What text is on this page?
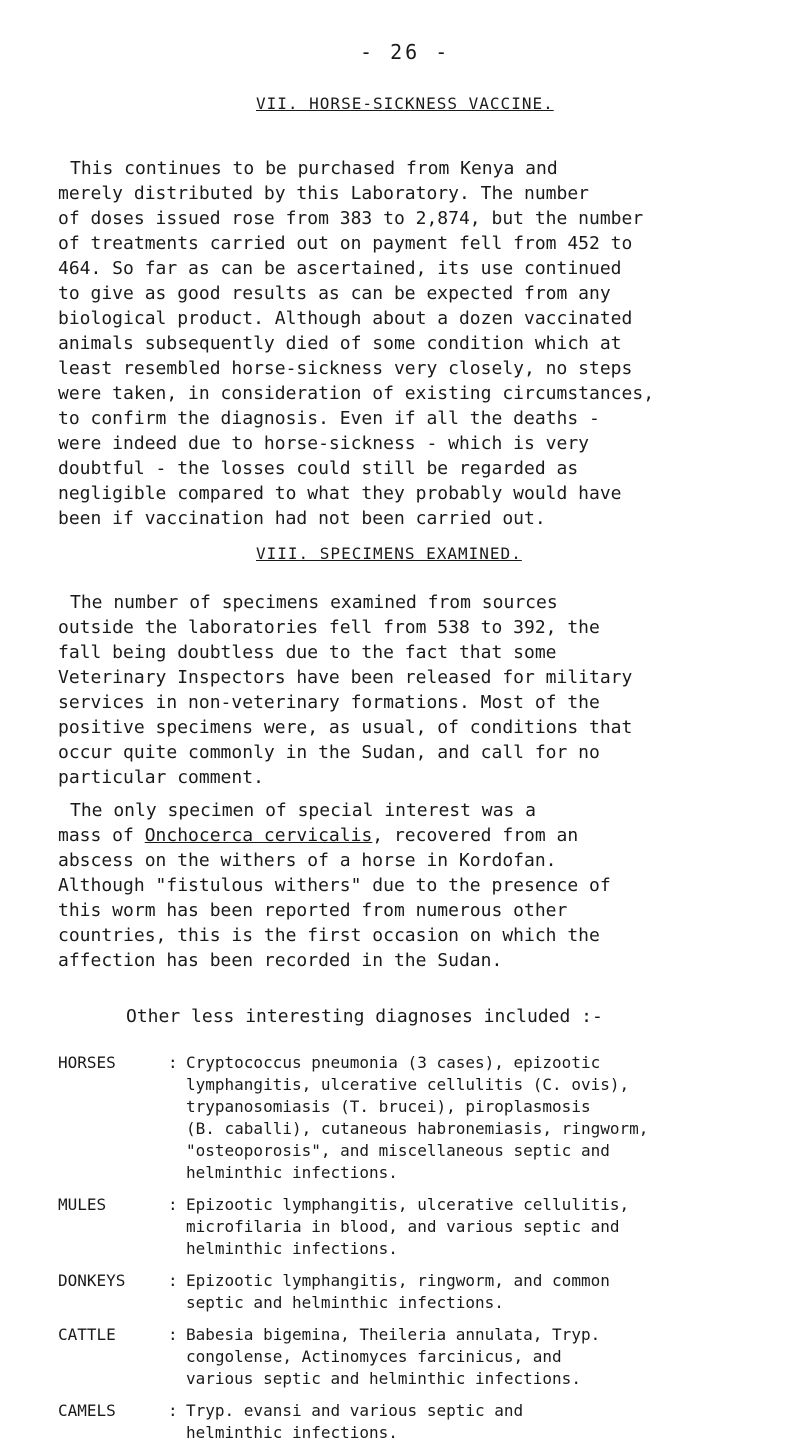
- 26 -
VII. HORSE-SICKNESS VACCINE.
This continues to be purchased from Kenya and
merely distributed by this Laboratory. The number
of doses issued rose from 383 to 2,874, but the number
of treatments carried out on payment fell from 452 to
464. So far as can be ascertained, its use continued
to give as good results as can be expected from any
biological product. Although about a dozen vaccinated
animals subsequently died of some condition which at
least resembled horse-sickness very closely, no steps
were taken, in consideration of existing circumstances,
to confirm the diagnosis. Even if all the deaths -
were indeed due to horse-sickness - which is very
doubtful - the losses could still be regarded as
negligible compared to what they probably would have
been if vaccination had not been carried out.
VIII. SPECIMENS EXAMINED.
The number of specimens examined from sources
outside the laboratories fell from 538 to 392, the
fall being doubtless due to the fact that some
Veterinary Inspectors have been released for military
services in non-veterinary formations. Most of the
positive specimens were, as usual, of conditions that
occur quite commonly in the Sudan, and call for no
particular comment.
The only specimen of special interest was a
mass of Onchocerca cervicalis, recovered from an
abscess on the withers of a horse in Kordofan.
Although "fistulous withers" due to the presence of
this worm has been reported from numerous other
countries, this is the first occasion on which the
affection has been recorded in the Sudan.
Other less interesting diagnoses included :-
HORSES	: Cryptococcus pneumonia (3 cases), epizootic
lymphangitis, ulcerative cellulitis (C. ovis),
trypanosomiasis (T. brucei), piroplasmosis
(B. caballi), cutaneous habronemiasis, ringworm,
"osteoporosis", and miscellaneous septic and
helminthic infections.
MULES	: Epizootic lymphangitis, ulcerative cellulitis,
microfilaria in blood, and various septic and
helminthic infections.
DONKEYS	: Epizootic lymphangitis, ringworm, and common
septic and helminthic infections.
CATTLE	: Babesia bigemina, Theileria annulata, Tryp.
congolense, Actinomyces farcinicus, and
various septic and helminthic infections.
CAMELS	: Tryp. evansi and various septic and
helminthic infections.
